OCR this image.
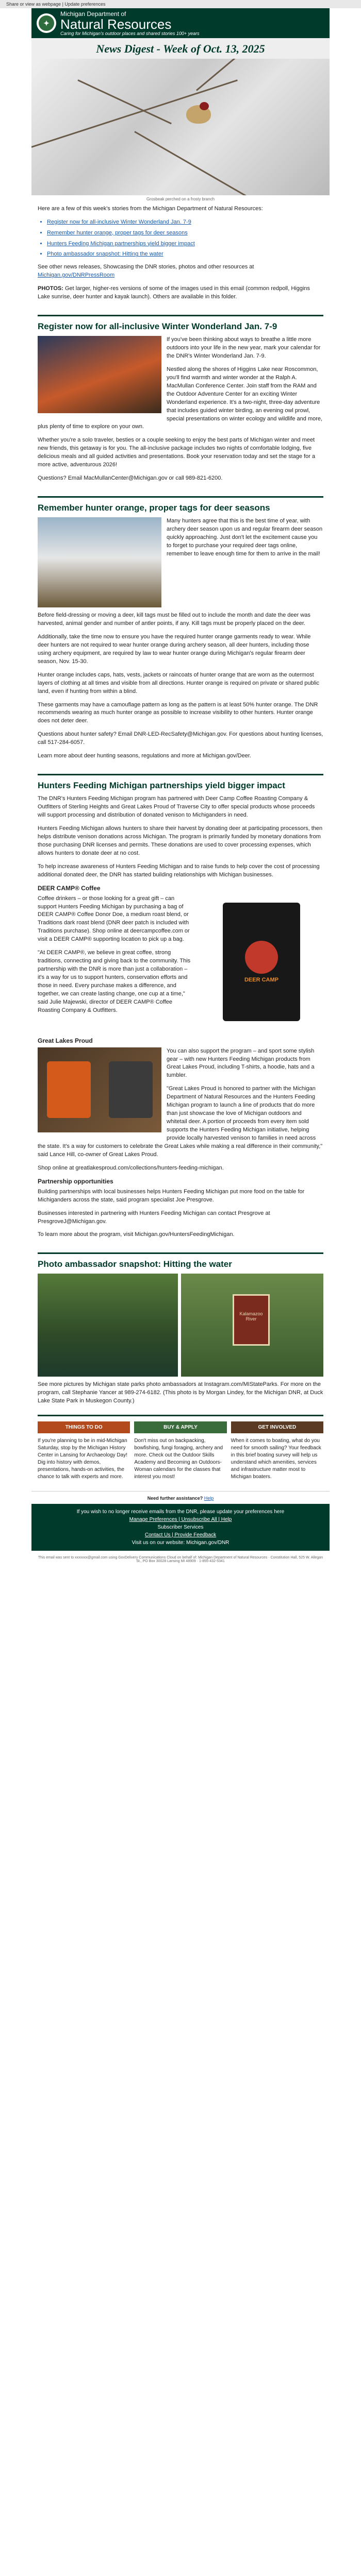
Share or view as webpage | Update preferences
✦
Michigan Department of
Natural Resources
Caring for Michigan's outdoor places and shared stories 100+ years
News Digest - Week of Oct. 13, 2025
Grosbeak perched on a frosty branch

Here are a few of this week's stories from the Michigan Department of Natural Resources:

• Register now for all-inclusive Winter Wonderland Jan. 7-9
• Remember hunter orange, proper tags for deer seasons
• Hunters Feeding Michigan partnerships yield bigger impact
• Photo ambassador snapshot: Hitting the water

See other news releases, Showcasing the DNR stories, photos and other resources at Michigan.gov/DNRPressRoom

PHOTOS: Get larger, higher-res versions of some of the images used in this email (common redpoll, Higgins Lake sunrise, deer hunter and kayak launch). Others are available in this folder.

Register now for all-inclusive Winter Wonderland Jan. 7-9

If you've been thinking about ways to breathe a little more outdoors into your life in the new year, mark your calendar for the DNR's Winter Wonderland Jan. 7-9.

Nestled along the shores of Higgins Lake near Roscommon, you'll find warmth and winter wonder at the Ralph A. MacMullan Conference Center. Join staff from the RAM and the Outdoor Adventure Center for an exciting Winter Wonderland experience. It's a two-night, three-day adventure that includes guided winter birding, an evening owl prowl, special presentations on winter ecology and wildlife and more, plus plenty of time to explore on your own.

Whether you're a solo traveler, besties or a couple seeking to enjoy the best parts of Michigan winter and meet new friends, this getaway is for you. The all-inclusive package includes two nights of comfortable lodging, five delicious meals and all guided activities and presentations. Book your reservation today and set the stage for a more active, adventurous 2026!

Questions? Email MacMullanCenter@Michigan.gov or call 989-821-6200.

Remember hunter orange, proper tags for deer seasons

Many hunters agree that this is the best time of year, with archery deer season upon us and regular firearm deer season quickly approaching. Just don't let the excitement cause you to forget to purchase your required deer tags online, remember to leave enough time for them to arrive in the mail!

Before field-dressing or moving a deer, kill tags must be filled out to include the month and date the deer was harvested, animal gender and number of antler points, if any. Kill tags must be properly placed on the deer.

Additionally, take the time now to ensure you have the required hunter orange garments ready to wear. While deer hunters are not required to wear hunter orange during archery season, all deer hunters, including those using archery equipment, are required by law to wear hunter orange during Michigan's regular firearm deer season, Nov. 15-30.

Hunter orange includes caps, hats, vests, jackets or raincoats of hunter orange that are worn as the outermost layers of clothing at all times and visible from all directions. Hunter orange is required on private or shared public land, even if hunting from within a blind.

These garments may have a camouflage pattern as long as the pattern is at least 50% hunter orange. The DNR recommends wearing as much hunter orange as possible to increase visibility to other hunters. Hunter orange does not deter deer.

Questions about hunter safety? Email DNR-LED-RecSafety@Michigan.gov. For questions about hunting licenses, call 517-284-6057.

Learn more about deer hunting seasons, regulations and more at Michigan.gov/Deer.

Hunters Feeding Michigan partnerships yield bigger impact

The DNR's Hunters Feeding Michigan program has partnered with Deer Camp Coffee Roasting Company & Outfitters of Sterling Heights and Great Lakes Proud of Traverse City to offer special products whose proceeds will support processing and distribution of donated venison to Michiganders in need.

Hunters Feeding Michigan allows hunters to share their harvest by donating deer at participating processors, then helps distribute venison donations across Michigan. The program is primarily funded by monetary donations from those purchasing DNR licenses and permits. These donations are used to cover processing expenses, which allows hunters to donate deer at no cost.

To help increase awareness of Hunters Feeding Michigan and to raise funds to help cover the cost of processing additional donated deer, the DNR has started building relationships with Michigan businesses.

DEER CAMP® Coffee
DEER CAMP

Coffee drinkers – or those looking for a great gift – can support Hunters Feeding Michigan by purchasing a bag of DEER CAMP® Coffee Donor Doe, a medium roast blend, or Traditions dark roast blend (DNR deer patch is included with Traditions purchase). Shop online at deercampcoffee.com or visit a DEER CAMP® supporting location to pick up a bag.

"At DEER CAMP®, we believe in great coffee, strong traditions, connecting and giving back to the community. This partnership with the DNR is more than just a collaboration – it's a way for us to support hunters, conservation efforts and those in need. Every purchase makes a difference, and together, we can create lasting change, one cup at a time," said Julie Majewski, director of DEER CAMP® Coffee Roasting Company & Outfitters.

Great Lakes Proud

You can also support the program – and sport some stylish gear – with new Hunters Feeding Michigan products from Great Lakes Proud, including T-shirts, a hoodie, hats and a tumbler.

"Great Lakes Proud is honored to partner with the Michigan Department of Natural Resources and the Hunters Feeding Michigan program to launch a line of products that do more than just showcase the love of Michigan outdoors and whitetail deer. A portion of proceeds from every item sold supports the Hunters Feeding Michigan initiative, helping provide locally harvested venison to families in need across the state. It's a way for customers to celebrate the Great Lakes while making a real difference in their community," said Lance Hill, co-owner of Great Lakes Proud.

Shop online at greatlakesproud.com/collections/hunters-feeding-michigan.

Partnership opportunities

Building partnerships with local businesses helps Hunters Feeding Michigan put more food on the table for Michiganders across the state, said program specialist Joe Presgrove.

Businesses interested in partnering with Hunters Feeding Michigan can contact Presgrove at PresgroveJ@Michigan.gov.

To learn more about the program, visit Michigan.gov/HuntersFeedingMichigan.

Photo ambassador snapshot: Hitting the water
Kalamazoo River

See more pictures by Michigan state parks photo ambassadors at Instagram.com/MIStateParks. For more on the program, call Stephanie Yancer at 989-274-6182. (This photo is by Morgan Lindey, for the Michigan DNR, at Duck Lake State Park in Muskegon County.)

THINGS TO DO

If you're planning to be in mid-Michigan Saturday, stop by the Michigan History Center in Lansing for Archaeology Day! Dig into history with demos, presentations, hands-on activities, the chance to talk with experts and more.

BUY & APPLY

Don't miss out on backpacking, bowfishing, fungi foraging, archery and more. Check out the Outdoor Skills Academy and Becoming an Outdoors-Woman calendars for the classes that interest you most!

GET INVOLVED

When it comes to boating, what do you need for smooth sailing? Your feedback in this brief boating survey will help us understand which amenities, services and infrastructure matter most to Michigan boaters.

Need further assistance? Help
If you wish to no longer receive emails from the DNR, please update your preferences here
Manage Preferences | Unsubscribe All | Help
Subscriber Services
Contact Us | Provide Feedback
Visit us on our website: Michigan.gov/DNR
This email was sent to xxxxxxx@gmail.com using GovDelivery Communications Cloud on behalf of: Michigan Department of Natural Resources · Constitution Hall, 525 W. Allegan St., PO Box 30028 Lansing MI 48909 · 1-855-432-5341
